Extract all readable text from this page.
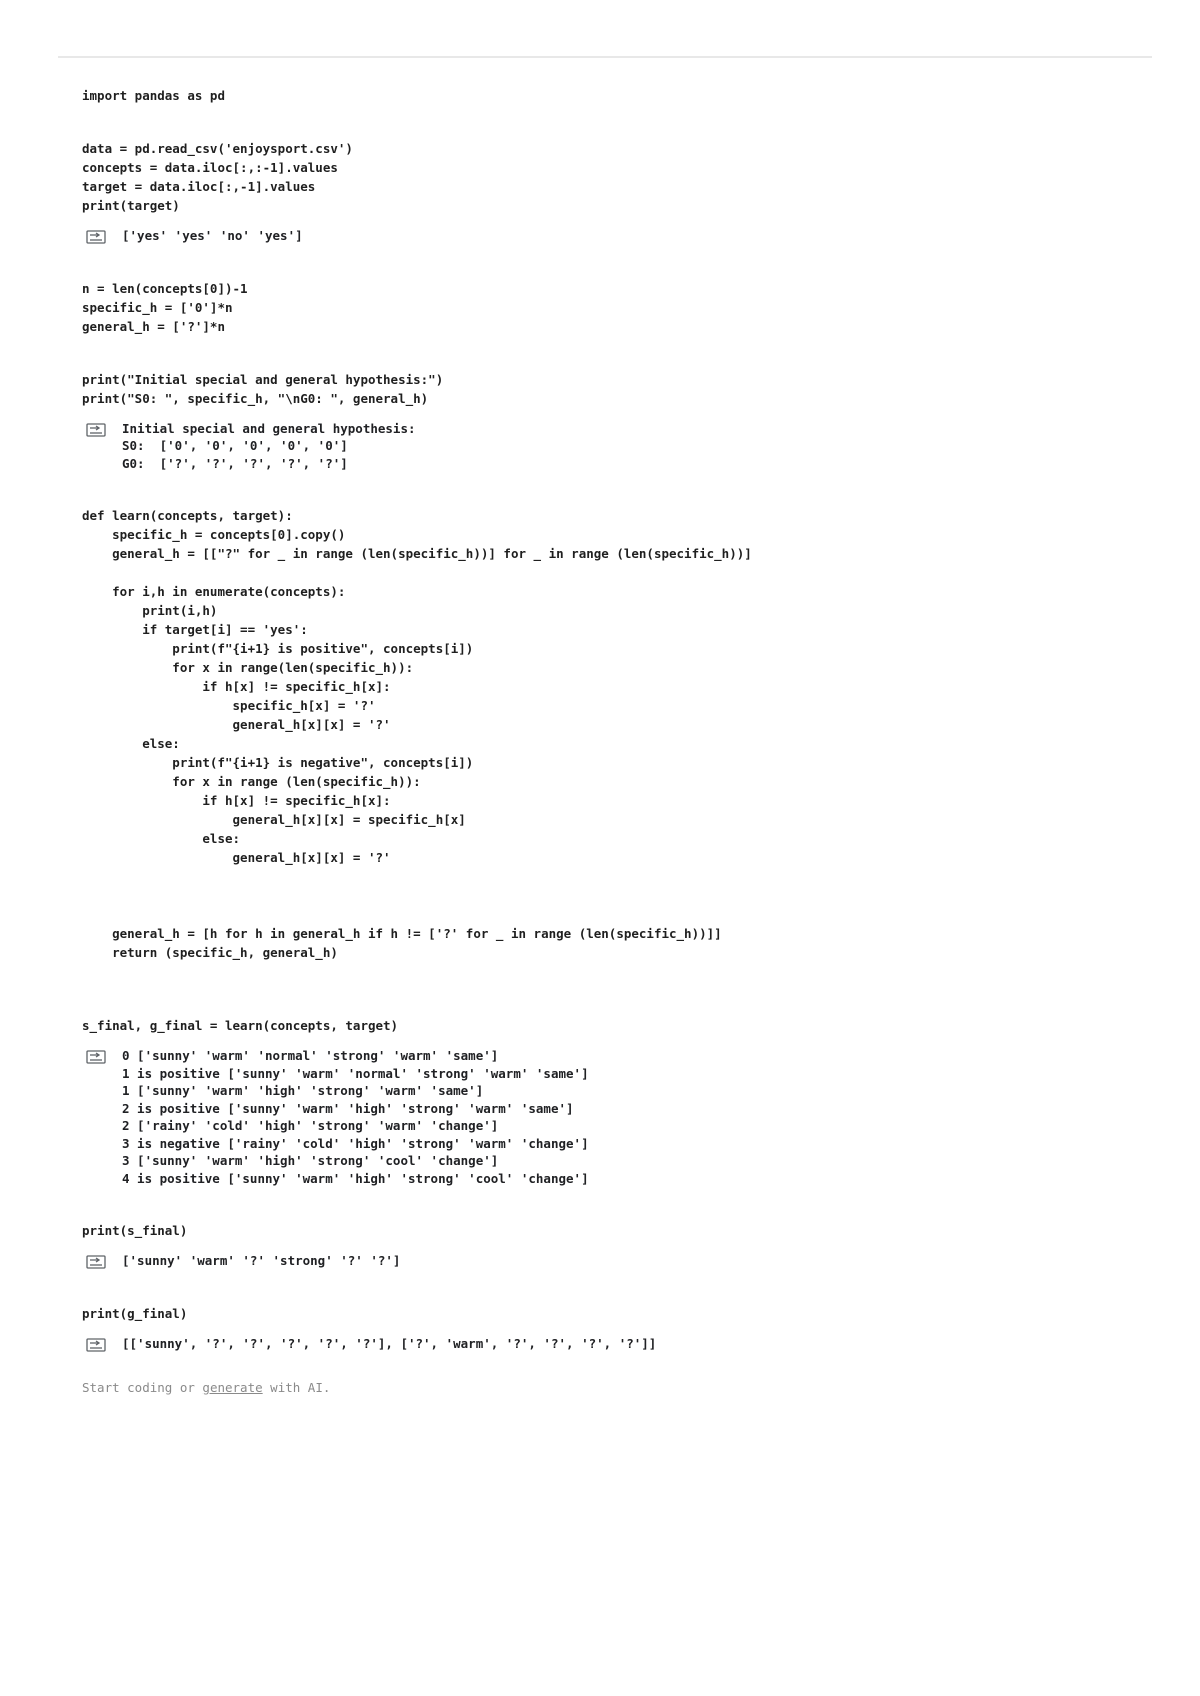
import pandas as pd
data = pd.read_csv('enjoysport.csv')
concepts = data.iloc[:,:-1].values
target = data.iloc[:,-1].values
print(target)
['yes' 'yes' 'no' 'yes']
n = len(concepts[0])-1
specific_h = ['0']*n
general_h = ['?']*n
print("Initial special and general hypothesis:")
print("S0: ", specific_h, "\nG0: ", general_h)
Initial special and general hypothesis:
S0:  ['0', '0', '0', '0', '0']
G0:  ['?', '?', '?', '?', '?']
def learn(concepts, target):
specific_h = concepts[0].copy()
general_h = [["?" for _ in range (len(specific_h))] for _ in range (len(specific_h))]

for i,h in enumerate(concepts):
print(i,h)
if target[i] == 'yes':
print(f"{i+1} is positive", concepts[i])
for x in range(len(specific_h)):
if h[x] != specific_h[x]:
specific_h[x] = '?'
general_h[x][x] = '?'
else:
print(f"{i+1} is negative", concepts[i])
for x in range (len(specific_h)):
if h[x] != specific_h[x]:
general_h[x][x] = specific_h[x]
else:
general_h[x][x] = '?'

general_h = [h for h in general_h if h != ['?' for _ in range (len(specific_h))]]
return (specific_h, general_h)
s_final, g_final = learn(concepts, target)
0 ['sunny' 'warm' 'normal' 'strong' 'warm' 'same']
1 is positive ['sunny' 'warm' 'normal' 'strong' 'warm' 'same']
1 ['sunny' 'warm' 'high' 'strong' 'warm' 'same']
2 is positive ['sunny' 'warm' 'high' 'strong' 'warm' 'same']
2 ['rainy' 'cold' 'high' 'strong' 'warm' 'change']
3 is negative ['rainy' 'cold' 'high' 'strong' 'warm' 'change']
3 ['sunny' 'warm' 'high' 'strong' 'cool' 'change']
4 is positive ['sunny' 'warm' 'high' 'strong' 'cool' 'change']
print(s_final)
['sunny' 'warm' '?' 'strong' '?' '?']
print(g_final)
[['sunny', '?', '?', '?', '?', '?'], ['?', 'warm', '?', '?', '?', '?']]
Start coding or generate with AI.
